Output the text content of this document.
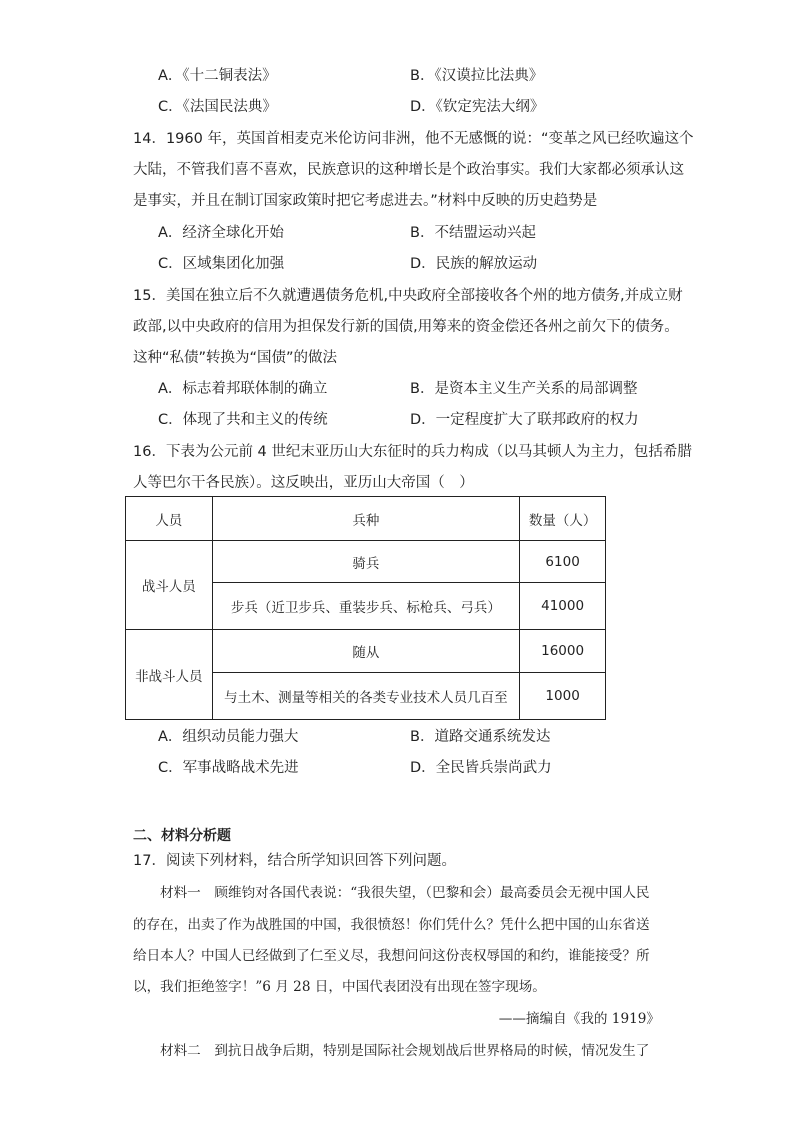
A．《十二铜表法》	B．《汉谟拉比法典》
C．《法国民法典》	D．《钦定宪法大纲》
14．1960 年，英国首相麦克米伦访问非洲，他不无感慨的说：“变革之风已经吹遍这个
大陆，不管我们喜不喜欢，民族意识的这种增长是个政治事实。我们大家都必须承认这
是事实，并且在制订国家政策时把它考虑进去。”材料中反映的历史趋势是
A．经济全球化开始	B．不结盟运动兴起
C．区域集团化加强	D．民族的解放运动
15．美国在独立后不久就遭遇债务危机,中央政府全部接收各个州的地方债务,并成立财
政部,以中央政府的信用为担保发行新的国债,用筹来的资金偿还各州之前欠下的债务。
这种“私债”转换为“国债”的做法
A．标志着邦联体制的确立	B．是资本主义生产关系的局部调整
C．体现了共和主义的传统	D．一定程度扩大了联邦政府的权力
16．下表为公元前 4 世纪末亚历山大东征时的兵力构成（以马其顿人为主力，包括希腊
人等巴尔干各民族）。这反映出，亚历山大帝国（　）
人员	兵种	数量（人）
战斗人员	骑兵	6100
	步兵（近卫步兵、重装步兵、标枪兵、弓兵）	41000
非战斗人员	随从	16000
	与土木、测量等相关的各类专业技术人员几百至	1000
A．组织动员能力强大	B．道路交通系统发达
C．军事战略战术先进	D．全民皆兵崇尚武力
二、材料分析题
17．阅读下列材料，结合所学知识回答下列问题。
材料一　顾维钧对各国代表说：“我很失望，（巴黎和会）最高委员会无视中国人民
的存在，出卖了作为战胜国的中国，我很愤怒！你们凭什么？凭什么把中国的山东省送
给日本人？中国人已经做到了仁至义尽，我想问问这份丧权辱国的和约，谁能接受？所
以，我们拒绝签字！”6 月 28 日，中国代表团没有出现在签字现场。
——摘编自《我的 1919》
材料二　到抗日战争后期，特别是国际社会规划战后世界格局的时候，情况发生了
